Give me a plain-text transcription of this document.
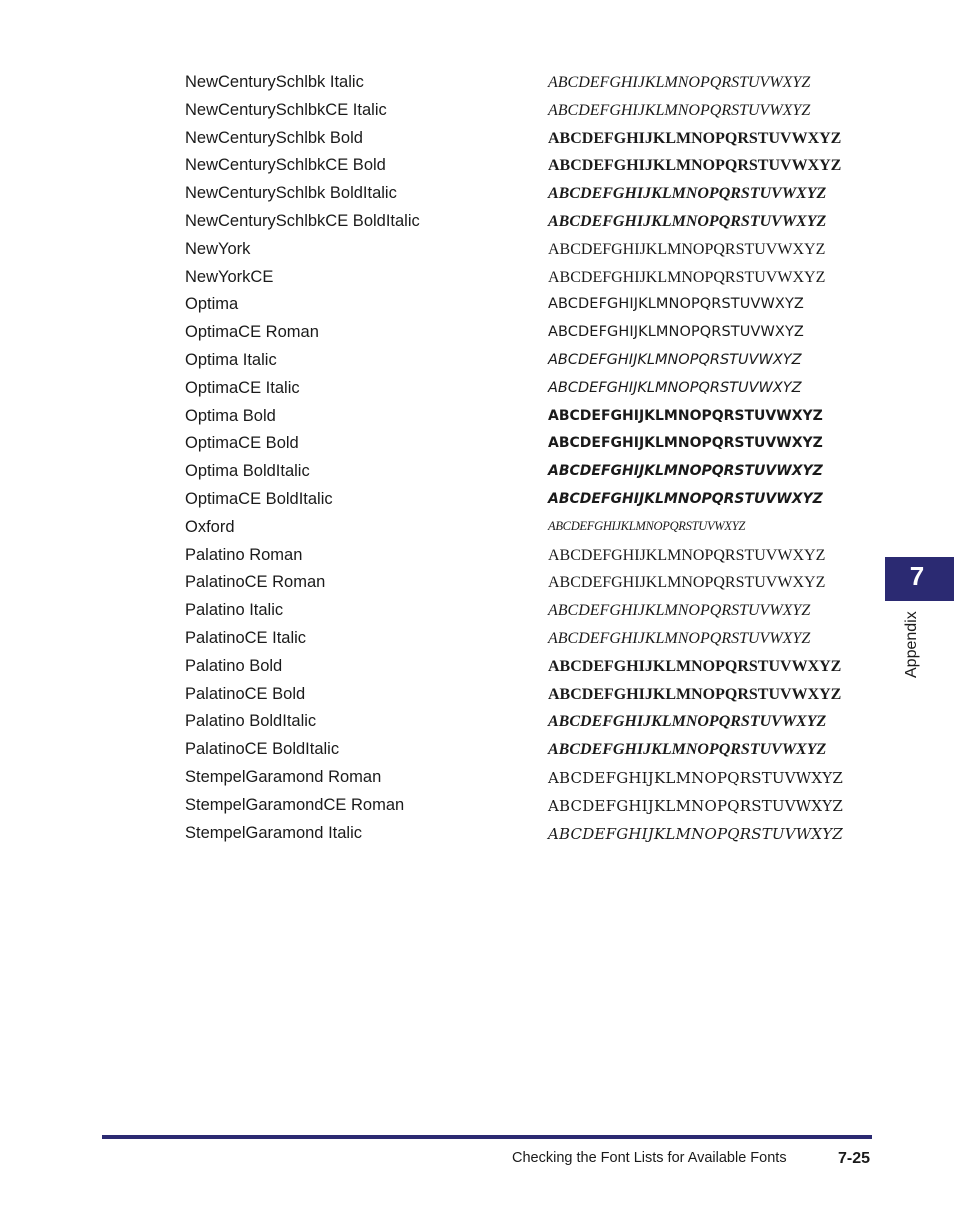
NewCenturySchlbk Italic	ABCDEFGHIJKLMNOPQRSTUVWXYZ
NewCenturySchlbkCE Italic	ABCDEFGHIJKLMNOPQRSTUVWXYZ
NewCenturySchlbk Bold	ABCDEFGHIJKLMNOPQRSTUVWXYZ
NewCenturySchlbkCE Bold	ABCDEFGHIJKLMNOPQRSTUVWXYZ
NewCenturySchlbk BoldItalic	ABCDEFGHIJKLMNOPQRSTUVWXYZ
NewCenturySchlbkCE BoldItalic	ABCDEFGHIJKLMNOPQRSTUVWXYZ
NewYork	ABCDEFGHIJKLMNOPQRSTUVWXYZ
NewYorkCE	ABCDEFGHIJKLMNOPQRSTUVWXYZ
Optima	ABCDEFGHIJKLMNOPQRSTUVWXYZ
OptimaCE Roman	ABCDEFGHIJKLMNOPQRSTUVWXYZ
Optima Italic	ABCDEFGHIJKLMNOPQRSTUVWXYZ
OptimaCE Italic	ABCDEFGHIJKLMNOPQRSTUVWXYZ
Optima Bold	ABCDEFGHIJKLMNOPQRSTUVWXYZ
OptimaCE Bold	ABCDEFGHIJKLMNOPQRSTUVWXYZ
Optima BoldItalic	ABCDEFGHIJKLMNOPQRSTUVWXYZ
OptimaCE BoldItalic	ABCDEFGHIJKLMNOPQRSTUVWXYZ
Oxford	ABCDEFGHIJKLMNOPQRSTUVWXYZ
Palatino Roman	ABCDEFGHIJKLMNOPQRSTUVWXYZ
PalatinoCE Roman	ABCDEFGHIJKLMNOPQRSTUVWXYZ
Palatino Italic	ABCDEFGHIJKLMNOPQRSTUVWXYZ
PalatinoCE Italic	ABCDEFGHIJKLMNOPQRSTUVWXYZ
Palatino Bold	ABCDEFGHIJKLMNOPQRSTUVWXYZ
PalatinoCE Bold	ABCDEFGHIJKLMNOPQRSTUVWXYZ
Palatino BoldItalic	ABCDEFGHIJKLMNOPQRSTUVWXYZ
PalatinoCE BoldItalic	ABCDEFGHIJKLMNOPQRSTUVWXYZ
StempelGaramond Roman	ABCDEFGHIJKLMNOPQRSTUVWXYZ
StempelGaramondCE Roman	ABCDEFGHIJKLMNOPQRSTUVWXYZ
StempelGaramond Italic	ABCDEFGHIJKLMNOPQRSTUVWXYZ
7
Appendix
Checking the Font Lists for Available Fonts	7-25
